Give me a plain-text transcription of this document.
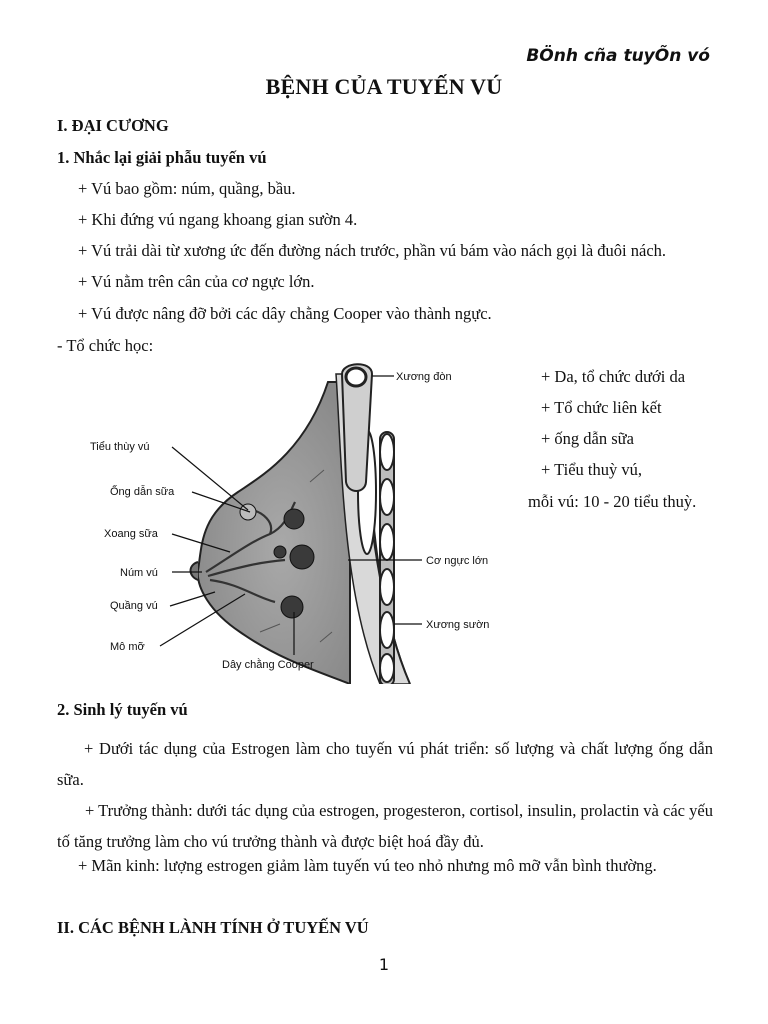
BÖnh cña tuyÕn vó
BỆNH CỦA TUYẾN VÚ
I. ĐẠI CƯƠNG
1. Nhắc lại giải phẫu tuyến vú
+ Vú bao gồm: núm, quầng, bầu.
+ Khi đứng vú ngang khoang gian sườn 4.
+ Vú trải dài từ xương ức đến đường nách trước, phần vú bám vào nách gọi là đuôi nách.
+ Vú nằm trên cân của cơ ngực lớn.
+ Vú được nâng đỡ bởi các dây chằng Cooper vào thành ngực.
- Tổ chức học:
+ Da, tổ chức dưới da
+ Tổ chức liên kết
+ ống dẫn sữa
+ Tiểu thuỳ vú,
mỗi vú: 10 - 20 tiểu thuỳ.
Tiểu thùy vú
Ống dẫn sữa
Xoang sữa
Núm vú
Quầng vú
Mô mỡ
Dây chằng Cooper
Xương đòn
Cơ ngực lớn
Xương sườn
2. Sinh lý tuyến vú
+ Dưới tác dụng của Estrogen làm cho tuyến vú phát triển: số lượng và chất lượng ống dẫn sữa.
+ Trưởng thành: dưới tác dụng của estrogen, progesteron, cortisol, insulin, prolactin và các yếu tố tăng trưởng làm cho vú trưởng thành và được biệt hoá đầy đủ.
+ Mãn kinh: lượng estrogen giảm làm tuyến vú teo nhỏ nhưng mô mỡ vẫn bình thường.
II. CÁC BỆNH LÀNH TÍNH Ở TUYẾN VÚ
1
